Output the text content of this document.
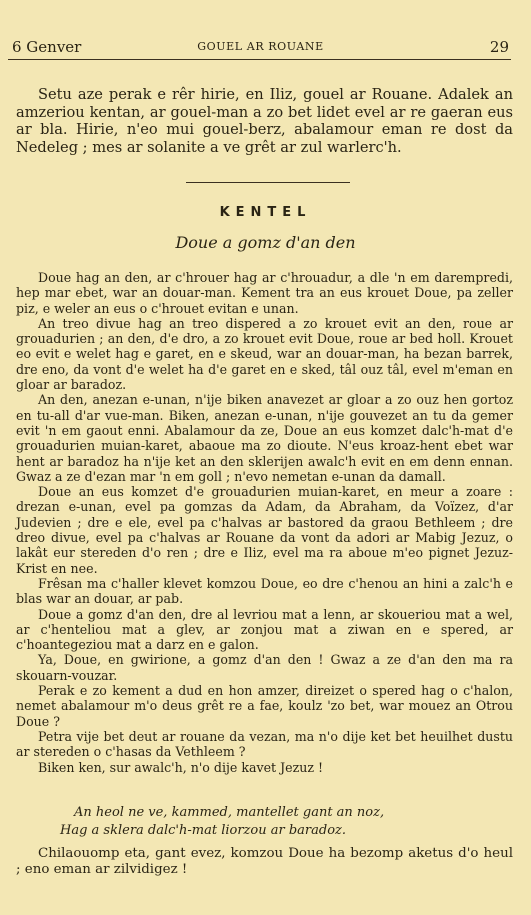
6 Genver	GOUEL AR ROUANE	29

Setu aze perak e rêr hirie, en Iliz, gouel ar Rouane. Adalek an amzeriou kentan, ar gouel-man a zo bet lidet evel ar re gaeran eus ar bla. Hirie, n'eo mui gouel-berz, abalamour eman re dost da Nedeleg ; mes ar solanite a ve grêt ar zul warlerc'h.

KENTEL
Doue a gomz d'an den

Doue hag an den, ar c'hrouer hag ar c'hrouadur, a dle 'n em darempredi, hep mar ebet, war an douar-man. Kement tra an eus krouet Doue, pa zeller piz, e weler an eus o c'hrouet evitan e unan.

An treo divue hag an treo dispered a zo krouet evit an den, roue ar grouadurien ; an den, d'e dro, a zo krouet evit Doue, roue ar bed holl. Krouet eo evit e welet hag e garet, en e skeud, war an douar-man, ha bezan barrek, dre eno, da vont d'e welet ha d'e garet en e sked, tâl ouz tâl, evel m'eman en gloar ar baradoz.

An den, anezan e-unan, n'ije biken anavezet ar gloar a zo ouz hen gortoz en tu-all d'ar vue-man. Biken, anezan e-unan, n'ije gouvezet an tu da gemer evit 'n em gaout enni. Abalamour da ze, Doue an eus komzet dalc'h-mat d'e grouadurien muian-karet, abaoue ma zo dioute. N'eus kroaz-hent ebet war hent ar baradoz ha n'ije ket an den sklerijen awalc'h evit en em denn ennan. Gwaz a ze d'ezan mar 'n em goll ; n'evo nemetan e-unan da damall.

Doue an eus komzet d'e grouadurien muian-karet, en meur a zoare : drezan e-unan, evel pa gomzas da Adam, da Abraham, da Voïzez, d'ar Judevien ; dre e ele, evel pa c'halvas ar bastored da graou Bethleem ; dre dreo divue, evel pa c'halvas ar Rouane da vont da adori ar Mabig Jezuz, o lakât eur stereden d'o ren ; dre e Iliz, evel ma ra aboue m'eo pignet Jezuz-Krist en nee.

Frêsan ma c'haller klevet komzou Doue, eo dre c'henou an hini a zalc'h e blas war an douar, ar pab.

Doue a gomz d'an den, dre al levriou mat a lenn, ar skoueriou mat a wel, ar c'henteliou mat a glev, ar zonjou mat a ziwan en e spered, ar c'hoantegeziou mat a darz en e galon.

Ya, Doue, en gwirione, a gomz d'an den ! Gwaz a ze d'an den ma ra skouarn-vouzar.

Perak e zo kement a dud en hon amzer, direizet o spered hag o c'halon, nemet abalamour m'o deus grêt re a fae, koulz 'zo bet, war mouez an Otrou Doue ?

Petra vije bet deut ar rouane da vezan, ma n'o dije ket bet heuilhet dustu ar stereden o c'hasas da Vethleem ?

Biken ken, sur awalc'h, n'o dije kavet Jezuz !

An heol ne ve, kammed, mantellet gant an noz,
Hag a sklera dalc'h-mat liorzou ar baradoz.

Chilaouomp eta, gant evez, komzou Doue ha bezomp aketus d'o heul ; eno eman ar zilvidigez !
